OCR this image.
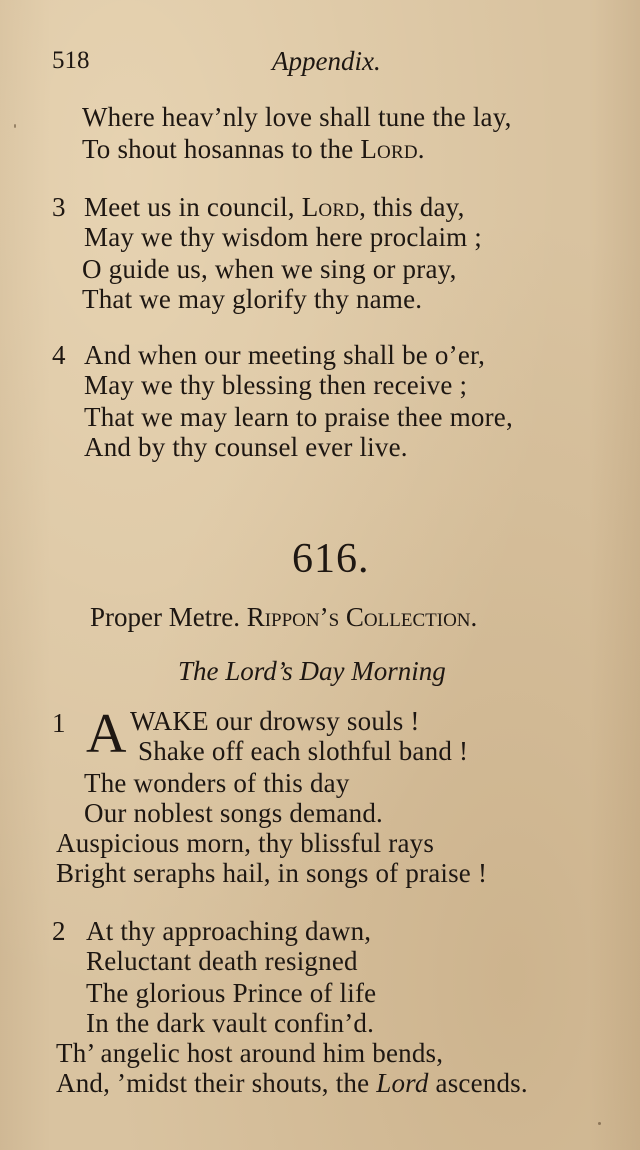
518	Appendix.
Where heav’nly love shall tune the lay,
To shout hosannas to the Lord.
3 Meet us in council, Lord, this day,
May we thy wisdom here proclaim ;
O guide us, when we sing or pray,
That we may glorify thy name.
4 And when our meeting shall be o’er,
May we thy blessing then receive ;
That we may learn to praise thee more,
And by thy counsel ever live.
616.
Proper Metre. Rippon’s Collection.
The Lord’s Day Morning
1 A WAKE our drowsy souls !
Shake off each slothful band !
The wonders of this day
Our noblest songs demand.
Auspicious morn, thy blissful rays
Bright seraphs hail, in songs of praise !
2 At thy approaching dawn,
Reluctant death resigned
The glorious Prince of life
In the dark vault confin’d.
Th’ angelic host around him bends,
And, ’midst their shouts, the Lord ascends.
